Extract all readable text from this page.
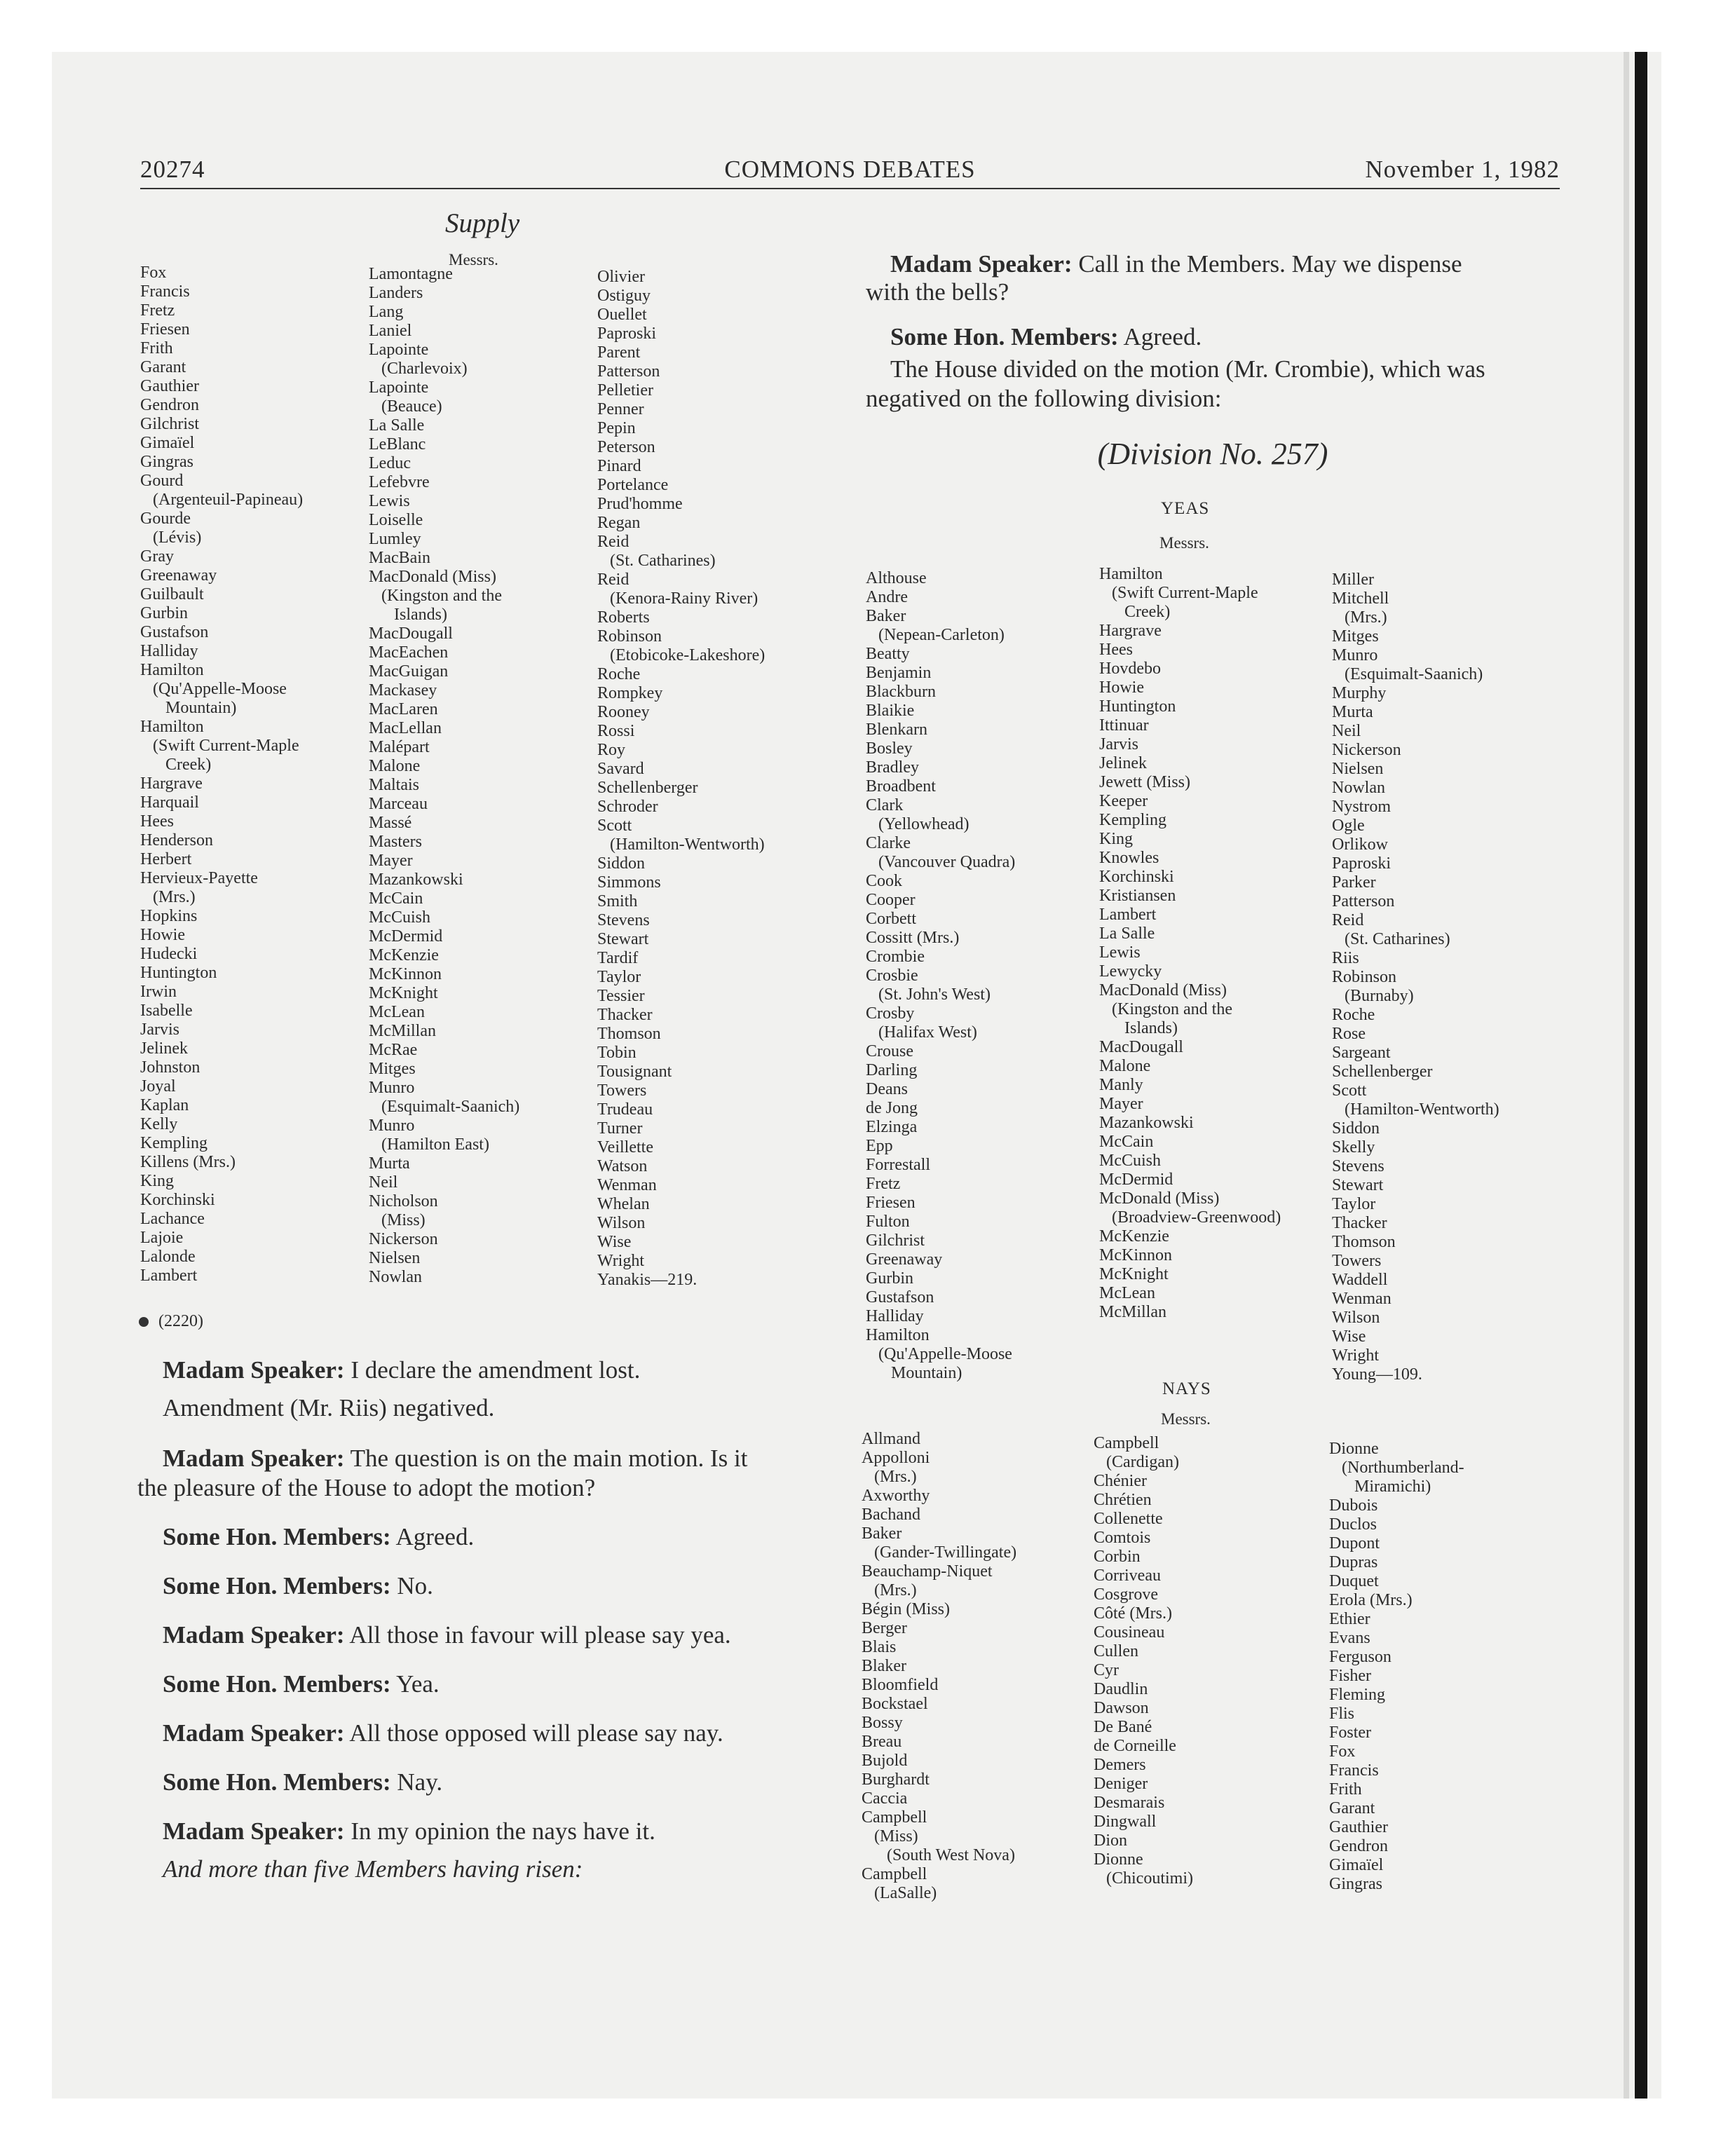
COMMONS DEBATES
20274	November 1, 1982
Supply
Messrs.
Fox
Francis
Fretz
Friesen
Frith
Garant
Gauthier
Gendron
Gilchrist
Gimaïel
Gingras
Gourd
(Argenteuil-Papineau)
Gourde
(Lévis)
Gray
Greenaway
Guilbault
Gurbin
Gustafson
Halliday
Hamilton
(Qu'Appelle-Moose
Mountain)
Hamilton
(Swift Current-Maple
Creek)
Hargrave
Harquail
Hees
Henderson
Herbert
Hervieux-Payette
(Mrs.)
Hopkins
Howie
Hudecki
Huntington
Irwin
Isabelle
Jarvis
Jelinek
Johnston
Joyal
Kaplan
Kelly
Kempling
Killens (Mrs.)
King
Korchinski
Lachance
Lajoie
Lalonde
Lambert
Lamontagne
Landers
Lang
Laniel
Lapointe
(Charlevoix)
Lapointe
(Beauce)
La Salle
LeBlanc
Leduc
Lefebvre
Lewis
Loiselle
Lumley
MacBain
MacDonald (Miss)
(Kingston and the
Islands)
MacDougall
MacEachen
MacGuigan
Mackasey
MacLaren
MacLellan
Malépart
Malone
Maltais
Marceau
Massé
Masters
Mayer
Mazankowski
McCain
McCuish
McDermid
McKenzie
McKinnon
McKnight
McLean
McMillan
McRae
Mitges
Munro
(Esquimalt-Saanich)
Munro
(Hamilton East)
Murta
Neil
Nicholson
(Miss)
Nickerson
Nielsen
Nowlan
Olivier
Ostiguy
Ouellet
Paproski
Parent
Patterson
Pelletier
Penner
Pepin
Peterson
Pinard
Portelance
Prud'homme
Regan
Reid
(St. Catharines)
Reid
(Kenora-Rainy River)
Roberts
Robinson
(Etobicoke-Lakeshore)
Roche
Rompkey
Rooney
Rossi
Roy
Savard
Schellenberger
Schroder
Scott
(Hamilton-Wentworth)
Siddon
Simmons
Smith
Stevens
Stewart
Tardif
Taylor
Tessier
Thacker
Thomson
Tobin
Tousignant
Towers
Trudeau
Turner
Veillette
Watson
Wenman
Whelan
Wilson
Wise
Wright
Yanakis—219.
(2220)
Madam Speaker: I declare the amendment lost.
Amendment (Mr. Riis) negatived.
Madam Speaker: The question is on the main motion. Is it
the pleasure of the House to adopt the motion?
Some Hon. Members: Agreed.
Some Hon. Members: No.
Madam Speaker: All those in favour will please say yea.
Some Hon. Members: Yea.
Madam Speaker: All those opposed will please say nay.
Some Hon. Members: Nay.
Madam Speaker: In my opinion the nays have it.
And more than five Members having risen:
Madam Speaker: Call in the Members. May we dispense
with the bells?
Some Hon. Members: Agreed.
The House divided on the motion (Mr. Crombie), which was
negatived on the following division:
(Division No. 257)
YEAS
Messrs.
Althouse
Andre
Baker
(Nepean-Carleton)
Beatty
Benjamin
Blackburn
Blaikie
Blenkarn
Bosley
Bradley
Broadbent
Clark
(Yellowhead)
Clarke
(Vancouver Quadra)
Cook
Cooper
Corbett
Cossitt (Mrs.)
Crombie
Crosbie
(St. John's West)
Crosby
(Halifax West)
Crouse
Darling
Deans
de Jong
Elzinga
Epp
Forrestall
Fretz
Friesen
Fulton
Gilchrist
Greenaway
Gurbin
Gustafson
Halliday
Hamilton
(Qu'Appelle-Moose
Mountain)
Hamilton
(Swift Current-Maple
Creek)
Hargrave
Hees
Hovdebo
Howie
Huntington
Ittinuar
Jarvis
Jelinek
Jewett (Miss)
Keeper
Kempling
King
Knowles
Korchinski
Kristiansen
Lambert
La Salle
Lewis
Lewycky
MacDonald (Miss)
(Kingston and the
Islands)
MacDougall
Malone
Manly
Mayer
Mazankowski
McCain
McCuish
McDermid
McDonald (Miss)
(Broadview-Greenwood)
McKenzie
McKinnon
McKnight
McLean
McMillan
Miller
Mitchell
(Mrs.)
Mitges
Munro
(Esquimalt-Saanich)
Murphy
Murta
Neil
Nickerson
Nielsen
Nowlan
Nystrom
Ogle
Orlikow
Paproski
Parker
Patterson
Reid
(St. Catharines)
Riis
Robinson
(Burnaby)
Roche
Rose
Sargeant
Schellenberger
Scott
(Hamilton-Wentworth)
Siddon
Skelly
Stevens
Stewart
Taylor
Thacker
Thomson
Towers
Waddell
Wenman
Wilson
Wise
Wright
Young—109.
NAYS
Messrs.
Allmand
Appolloni
(Mrs.)
Axworthy
Bachand
Baker
(Gander-Twillingate)
Beauchamp-Niquet
(Mrs.)
Bégin (Miss)
Berger
Blais
Blaker
Bloomfield
Bockstael
Bossy
Breau
Bujold
Burghardt
Caccia
Campbell
(Miss)
(South West Nova)
Campbell
(LaSalle)
Campbell
(Cardigan)
Chénier
Chrétien
Collenette
Comtois
Corbin
Corriveau
Cosgrove
Côté (Mrs.)
Cousineau
Cullen
Cyr
Daudlin
Dawson
De Bané
de Corneille
Demers
Deniger
Desmarais
Dingwall
Dion
Dionne
(Chicoutimi)
Dionne
(Northumberland-
Miramichi)
Dubois
Duclos
Dupont
Dupras
Duquet
Erola (Mrs.)
Ethier
Evans
Ferguson
Fisher
Fleming
Flis
Foster
Fox
Francis
Frith
Garant
Gauthier
Gendron
Gimaïel
Gingras
